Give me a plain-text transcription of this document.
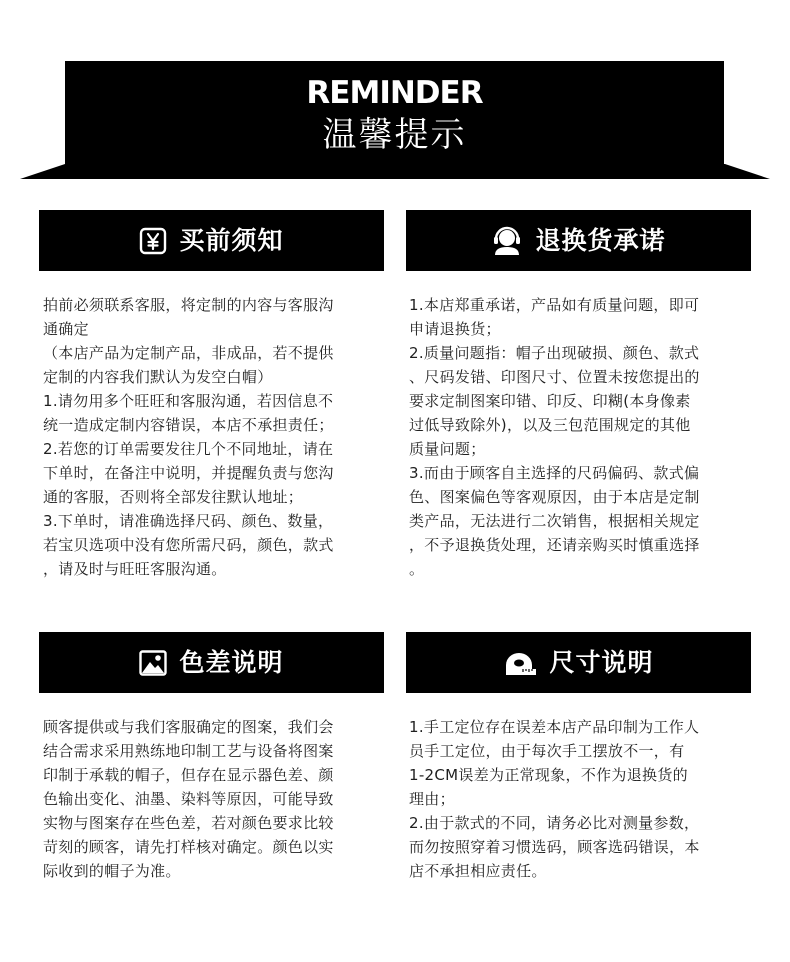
REMINDER
温馨提示
买前须知
拍前必须联系客服，将定制的内容与客服沟
通确定
（本店产品为定制产品，非成品，若不提供
定制的内容我们默认为发空白帽）
1.请勿用多个旺旺和客服沟通，若因信息不
统一造成定制内容错误，本店不承担责任；
2.若您的订单需要发往几个不同地址，请在
下单时，在备注中说明，并提醒负责与您沟
通的客服，否则将全部发往默认地址；
3.下单时，请准确选择尺码、颜色、数量，
若宝贝选项中没有您所需尺码，颜色，款式
，请及时与旺旺客服沟通。
退换货承诺
1.本店郑重承诺，产品如有质量问题，即可
申请退换货；
2.质量问题指：帽子出现破损、颜色、款式
、尺码发错、印图尺寸、位置未按您提出的
要求定制图案印错、印反、印糊(本身像素
过低导致除外)，以及三包范围规定的其他
质量问题；
3.而由于顾客自主选择的尺码偏码、款式偏
色、图案偏色等客观原因，由于本店是定制
类产品，无法进行二次销售，根据相关规定
，不予退换货处理，还请亲购买时慎重选择
。
色差说明
顾客提供或与我们客服确定的图案，我们会
结合需求采用熟练地印制工艺与设备将图案
印制于承载的帽子，但存在显示器色差、颜
色输出变化、油墨、染料等原因，可能导致
实物与图案存在些色差，若对颜色要求比较
苛刻的顾客，请先打样核对确定。颜色以实
际收到的帽子为准。
尺寸说明
1.手工定位存在误差本店产品印制为工作人
员手工定位，由于每次手工摆放不一，有
1-2CM误差为正常现象，不作为退换货的
理由；
2.由于款式的不同，请务必比对测量参数，
而勿按照穿着习惯选码，顾客选码错误，本
店不承担相应责任。
